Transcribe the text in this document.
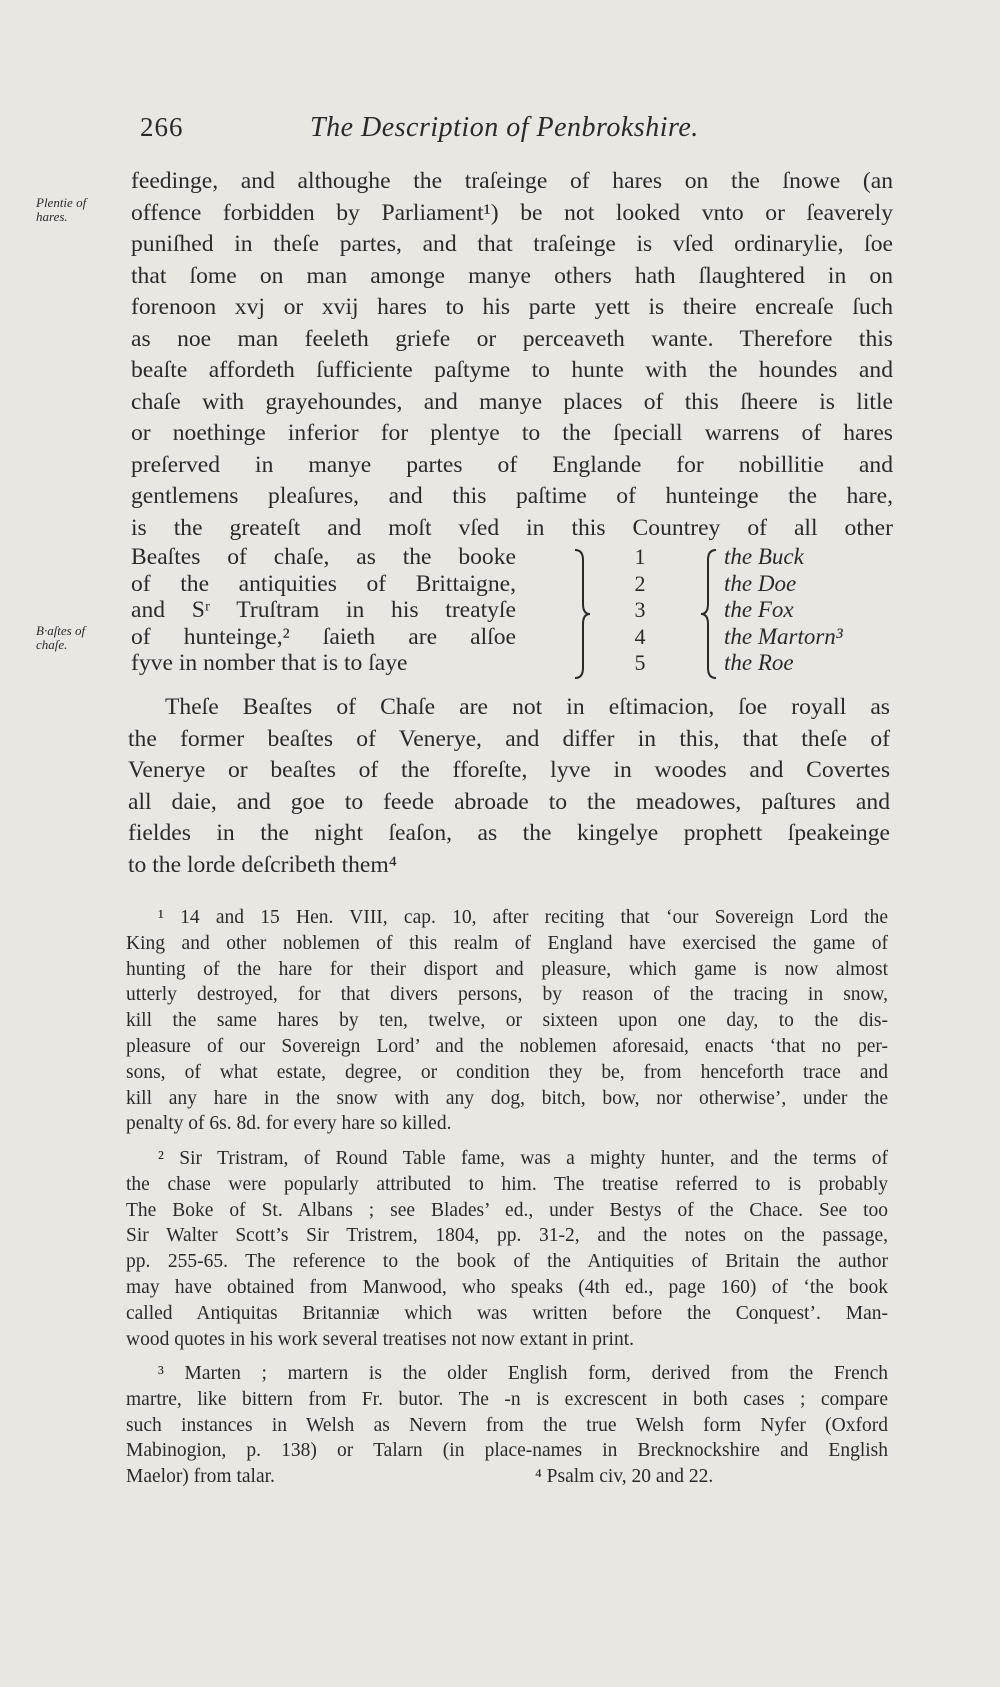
266	The Description of Penbrokshire.
Plentie of
hares.
B·aſtes of
chaſe.
feedinge, and althoughe the traſeinge of hares on the ſnowe (an
offence forbidden by Parliament¹) be not looked vnto or ſeaverely
puniſhed in theſe partes, and that traſeinge is vſed ordinarylie, ſoe
that ſome on man amonge manye others hath ſlaughtered in on
forenoon xvj or xvij hares to his parte yett is theire encreaſe ſuch
as noe man feeleth griefe or perceaveth wante. Therefore this
beaſte affordeth ſufficiente paſtyme to hunte with the houndes and
chaſe with grayehoundes, and manye places of this ſheere is litle
or noethinge inferior for plentye to the ſpeciall warrens of hares
preſerved in manye partes of Englande for nobillitie and
gentlemens pleaſures, and this paſtime of hunteinge the hare,
is the greateſt and moſt vſed in this Countrey of all other
Beaſtes of chaſe, as the booke
of the antiquities of Brittaigne,
and Sʳ Truſtram in his treatyſe
of hunteinge,² ſaieth are alſoe
fyve in nomber that is to ſaye
1
2
3
4
5
the Buck
the Doe
the Fox
the Martorn³
the Roe
Theſe Beaſtes of Chaſe are not in eſtimacion, ſoe royall as
the former beaſtes of Venerye, and differ in this, that theſe of
Venerye or beaſtes of the fforeſte, lyve in woodes and Covertes
all daie, and goe to feede abroade to the meadowes, paſtures and
fieldes in the night ſeaſon, as the kingelye prophett ſpeakeinge
to the lorde deſcribeth them⁴
¹ 14 and 15 Hen. VIII, cap. 10, after reciting that ‘our Sovereign Lord the
King and other noblemen of this realm of England have exercised the game of
hunting of the hare for their disport and pleasure, which game is now almost
utterly destroyed, for that divers persons, by reason of the tracing in snow,
kill the same hares by ten, twelve, or sixteen upon one day, to the dis-
pleasure of our Sovereign Lord’ and the noblemen aforesaid, enacts ‘that no per-
sons, of what estate, degree, or condition they be, from henceforth trace and
kill any hare in the snow with any dog, bitch, bow, nor otherwise’, under the
penalty of 6s. 8d. for every hare so killed.
² Sir Tristram, of Round Table fame, was a mighty hunter, and the terms of
the chase were popularly attributed to him. The treatise referred to is probably
The Boke of St. Albans ; see Blades’ ed., under Bestys of the Chace. See too
Sir Walter Scott’s Sir Tristrem, 1804, pp. 31-2, and the notes on the passage,
pp. 255-65. The reference to the book of the Antiquities of Britain the author
may have obtained from Manwood, who speaks (4th ed., page 160) of ‘the book
called Antiquitas Britanniæ which was written before the Conquest’. Man-
wood quotes in his work several treatises not now extant in print.
³ Marten ; martern is the older English form, derived from the French
martre, like bittern from Fr. butor. The -n is excrescent in both cases ; compare
such instances in Welsh as Nevern from the true Welsh form Nyfer (Oxford
Mabinogion, p. 138) or Talarn (in place-names in Brecknockshire and English
Maelor) from talar.	⁴ Psalm civ, 20 and 22.
